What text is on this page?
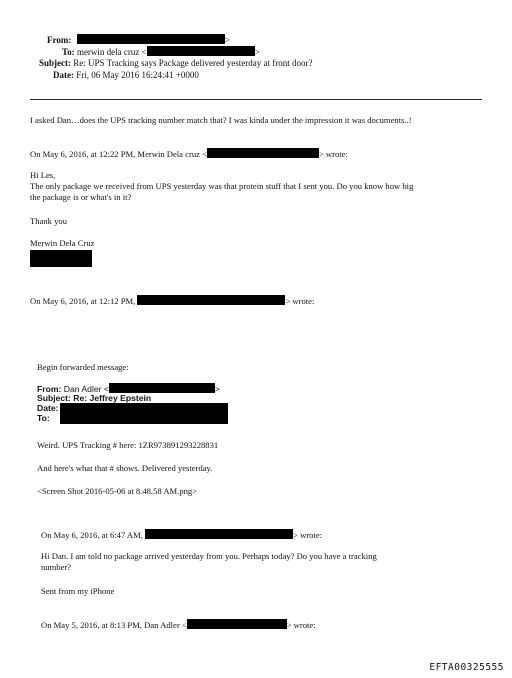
From:	>
To: merwin dela cruz <	>
Subject: Re: UPS Tracking says Package delivered yesterday at front door?
Date: Fri, 06 May 2016 16:24:41 +0000
I asked Dan…does the UPS tracking number match that? I was kinda under the impression it was documents..!
On May 6, 2016, at 12:22 PM, Merwin Dela cruz <	> wrote:
Hi Les,
The only package we received from UPS yesterday was that protein stuff that I sent you. Do you know how big
the package is or what's in it?
Thank you
Merwin Dela Cruz
On May 6, 2016, at 12:12 PM,	> wrote:
Begin forwarded message:
From: Dan Adler <	>
Subject: Re: Jeffrey Epstein
Date:
To:
Weird. UPS Tracking # here: 1ZR973891293228831
And here's what that # shows. Delivered yesterday.
<Screen Shot 2016-05-06 at 8.48.58 AM.png>
On May 6, 2016, at 6:47 AM,	> wrote:
Hi Dan. I am told no package arrived yesterday from you. Perhaps today? Do you have a tracking
number?
Sent from my iPhone
On May 5, 2016, at 8:13 PM, Dan Adler <	> wrote:
EFTA00325555
